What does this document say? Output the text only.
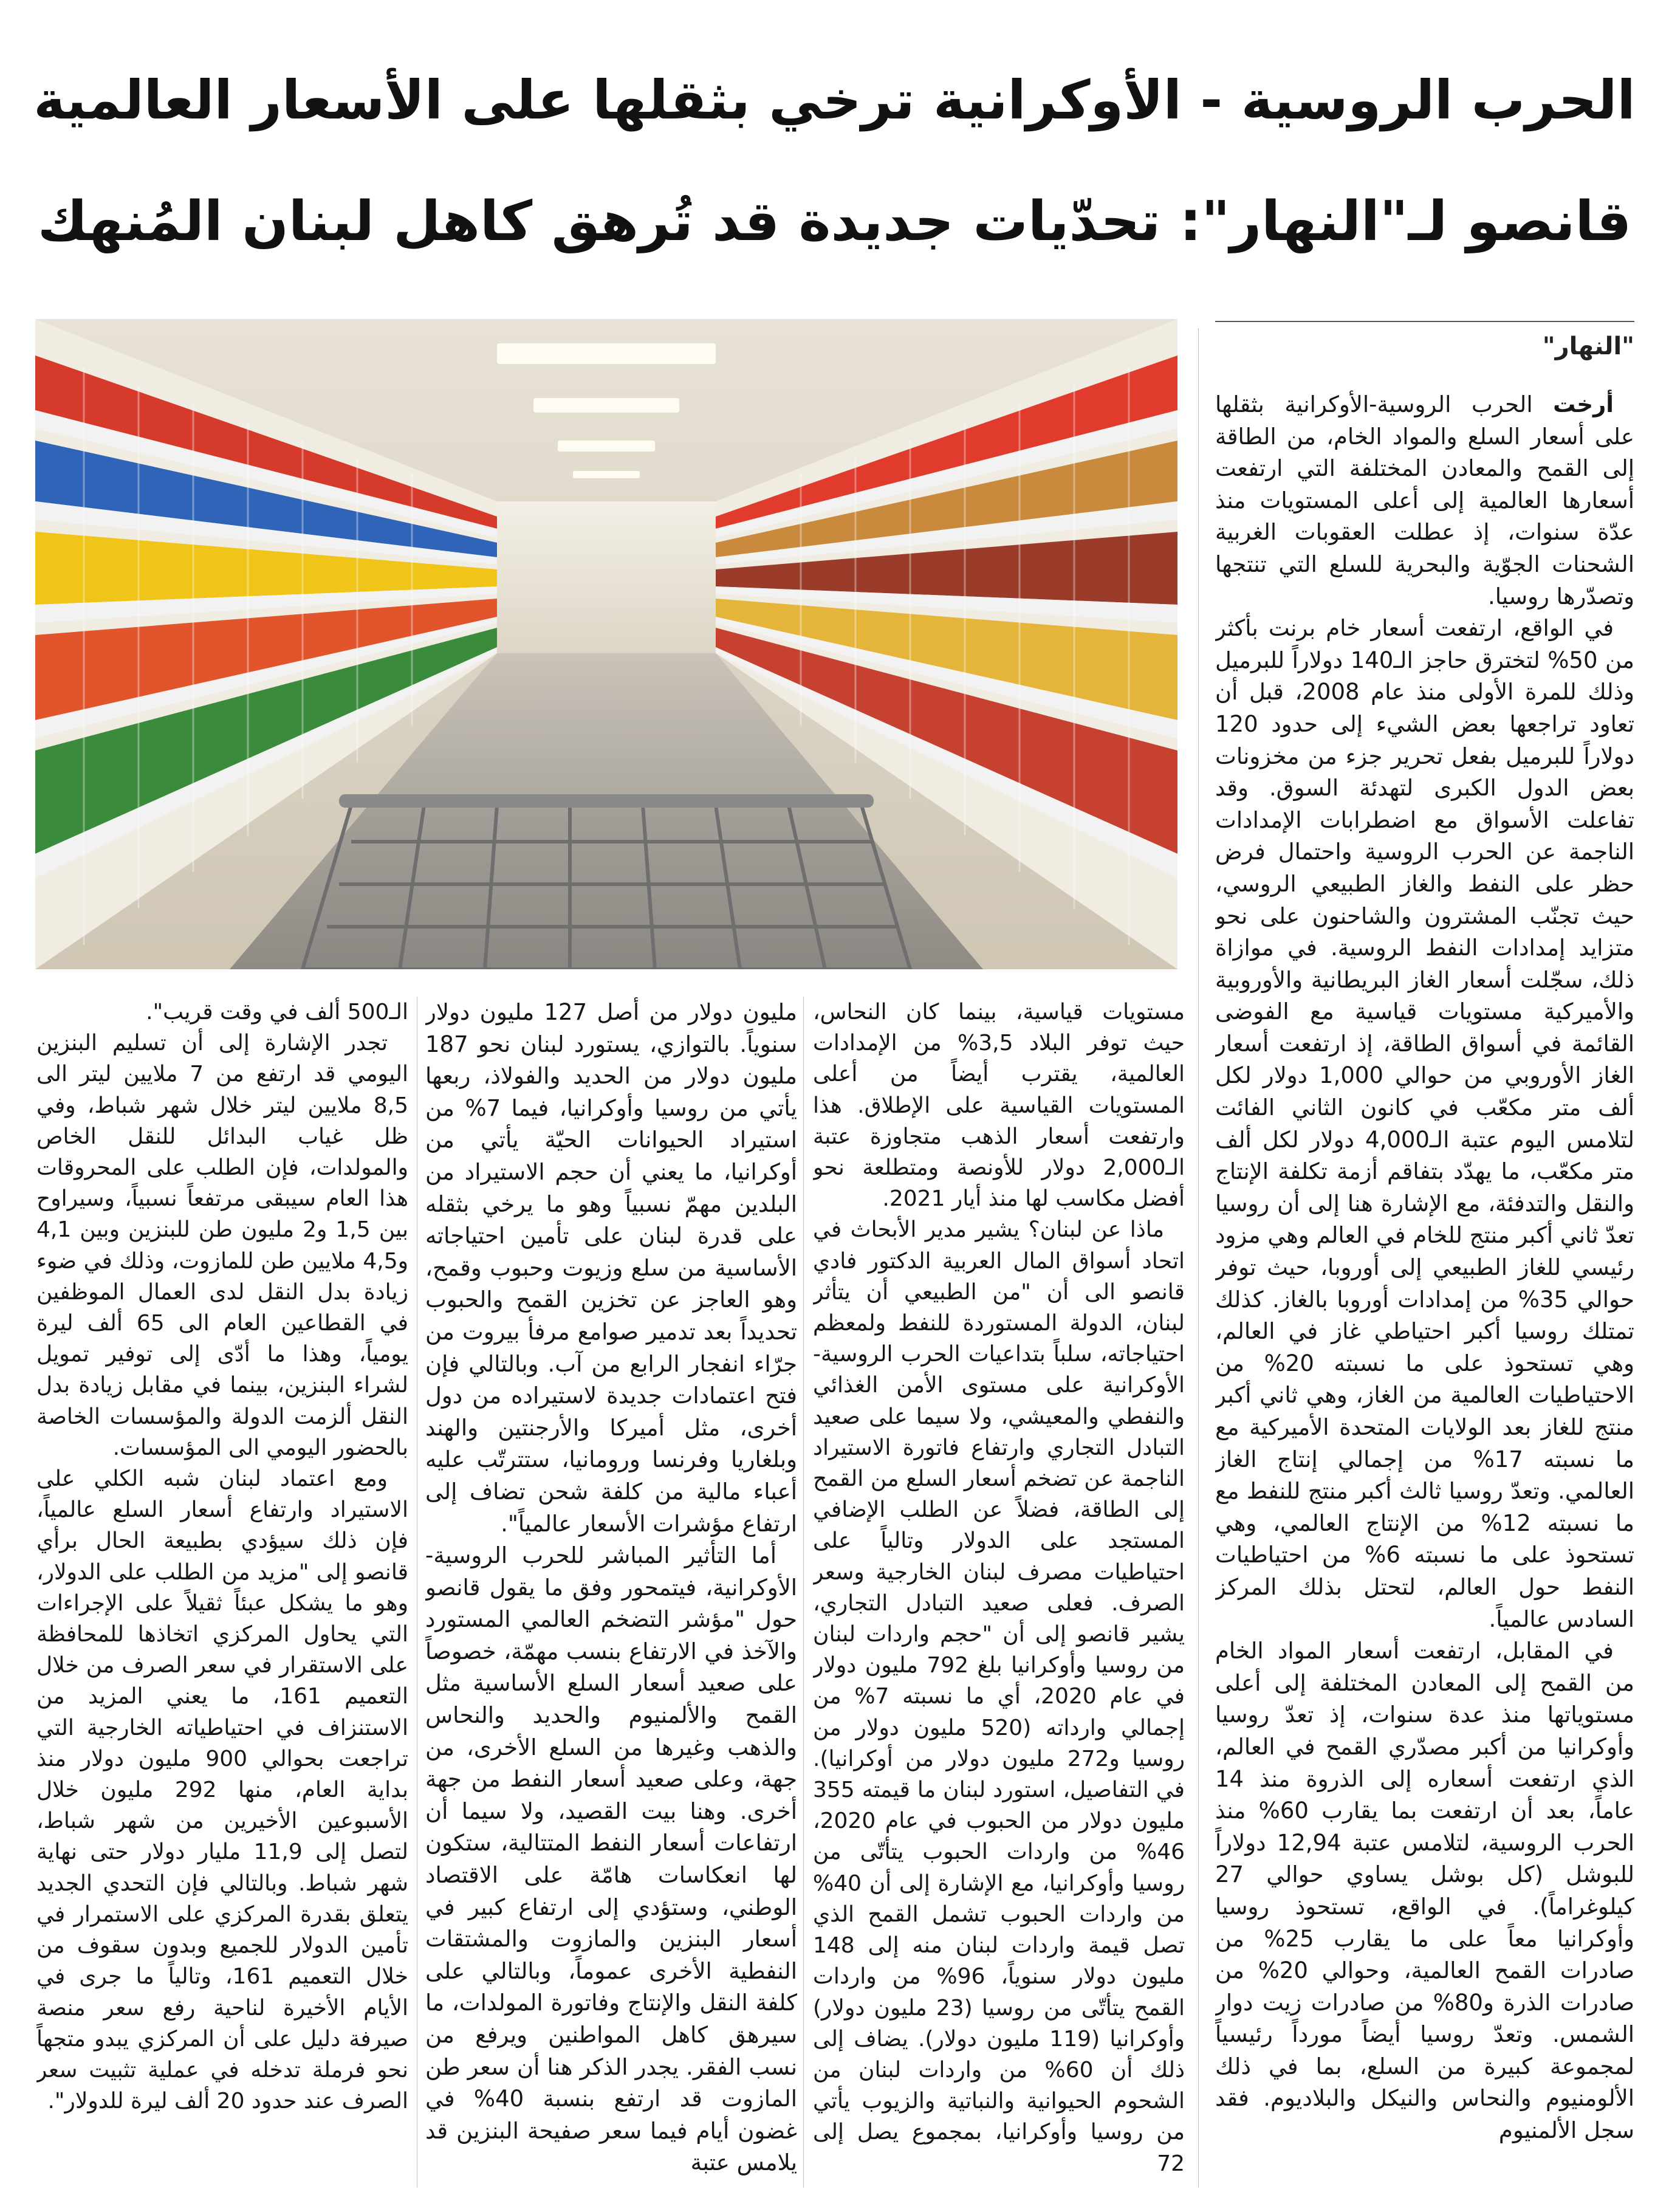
الحرب الروسية - الأوكرانية ترخي بثقلها على الأسعار العالمية
قانصو لـ"النهار": تحدّيات جديدة قد تُرهق كاهل لبنان المُنهك
"النهار"

أرخت الحرب الروسية-الأوكرانية بثقلها على أسعار السلع والمواد الخام، من الطاقة إلى القمح والمعادن المختلفة التي ارتفعت أسعارها العالمية إلى أعلى المستويات منذ عدّة سنوات، إذ عطلت العقوبات الغربية الشحنات الجوّية والبحرية للسلع التي تنتجها وتصدّرها روسيا.

في الواقع، ارتفعت أسعار خام برنت بأكثر من 50% لتخترق حاجز الـ140 دولاراً للبرميل وذلك للمرة الأولى منذ عام 2008، قبل أن تعاود تراجعها بعض الشيء إلى حدود 120 دولاراً للبرميل بفعل تحرير جزء من مخزونات بعض الدول الكبرى لتهدئة السوق. وقد تفاعلت الأسواق مع اضطرابات الإمدادات الناجمة عن الحرب الروسية واحتمال فرض حظر على النفط والغاز الطبيعي الروسي، حيث تجنّب المشترون والشاحنون على نحو متزايد إمدادات النفط الروسية. في موازاة ذلك، سجّلت أسعار الغاز البريطانية والأوروبية والأميركية مستويات قياسية مع الفوضى القائمة في أسواق الطاقة، إذ ارتفعت أسعار الغاز الأوروبي من حوالي 1,000 دولار لكل ألف متر مكعّب في كانون الثاني الفائت لتلامس اليوم عتبة الـ4,000 دولار لكل ألف متر مكعّب، ما يهدّد بتفاقم أزمة تكلفة الإنتاج والنقل والتدفئة، مع الإشارة هنا إلى أن روسيا تعدّ ثاني أكبر منتج للخام في العالم وهي مزود رئيسي للغاز الطبيعي إلى أوروبا، حيث توفر حوالي 35% من إمدادات أوروبا بالغاز. كذلك تمتلك روسيا أكبر احتياطي غاز في العالم، وهي تستحوذ على ما نسبته 20% من الاحتياطيات العالمية من الغاز، وهي ثاني أكبر منتج للغاز بعد الولايات المتحدة الأميركية مع ما نسبته 17% من إجمالي إنتاج الغاز العالمي. وتعدّ روسيا ثالث أكبر منتج للنفط مع ما نسبته 12% من الإنتاج العالمي، وهي تستحوذ على ما نسبته 6% من احتياطيات النفط حول العالم، لتحتل بذلك المركز السادس عالمياً.

في المقابل، ارتفعت أسعار المواد الخام من القمح إلى المعادن المختلفة إلى أعلى مستوياتها منذ عدة سنوات، إذ تعدّ روسيا وأوكرانيا من أكبر مصدّري القمح في العالم، الذي ارتفعت أسعاره إلى الذروة منذ 14 عاماً، بعد أن ارتفعت بما يقارب 60% منذ الحرب الروسية، لتلامس عتبة 12,94 دولاراً للبوشل (كل بوشل يساوي حوالي 27 كيلوغراماً). في الواقع، تستحوذ روسيا وأوكرانيا معاً على ما يقارب 25% من صادرات القمح العالمية، وحوالي 20% من صادرات الذرة و80% من صادرات زيت دوار الشمس. وتعدّ روسيا أيضاً مورداً رئيسياً لمجموعة كبيرة من السلع، بما في ذلك الألومنيوم والنحاس والنيكل والبلاديوم. فقد سجل الألمنيوم

مستويات قياسية، بينما كان النحاس، حيث توفر البلاد 3,5% من الإمدادات العالمية، يقترب أيضاً من أعلى المستويات القياسية على الإطلاق. هذا وارتفعت أسعار الذهب متجاوزة عتبة الـ2,000 دولار للأونصة ومتطلعة نحو أفضل مكاسب لها منذ أيار 2021.

ماذا عن لبنان؟ يشير مدير الأبحاث في اتحاد أسواق المال العربية الدكتور فادي قانصو الى أن "من الطبيعي أن يتأثر لبنان، الدولة المستوردة للنفط ولمعظم احتياجاته، سلباً بتداعيات الحرب الروسية-الأوكرانية على مستوى الأمن الغذائي والنفطي والمعيشي، ولا سيما على صعيد التبادل التجاري وارتفاع فاتورة الاستيراد الناجمة عن تضخم أسعار السلع من القمح إلى الطاقة، فضلاً عن الطلب الإضافي المستجد على الدولار وتالياً على احتياطيات مصرف لبنان الخارجية وسعر الصرف. فعلى صعيد التبادل التجاري، يشير قانصو إلى أن "حجم واردات لبنان من روسيا وأوكرانيا بلغ 792 مليون دولار في عام 2020، أي ما نسبته 7% من إجمالي وارداته (520 مليون دولار من روسيا و272 مليون دولار من أوكرانيا). في التفاصيل، استورد لبنان ما قيمته 355 مليون دولار من الحبوب في عام 2020، 46% من واردات الحبوب يتأتّى من روسيا وأوكرانيا، مع الإشارة إلى أن 40% من واردات الحبوب تشمل القمح الذي تصل قيمة واردات لبنان منه إلى 148 مليون دولار سنوياً، 96% من واردات القمح يتأتّى من روسيا (23 مليون دولار) وأوكرانيا (119 مليون دولار). يضاف إلى ذلك أن 60% من واردات لبنان من الشحوم الحيوانية والنباتية والزيوب يأتي من روسيا وأوكرانيا، بمجموع يصل إلى 72

مليون دولار من أصل 127 مليون دولار سنوياً. بالتوازي، يستورد لبنان نحو 187 مليون دولار من الحديد والفولاذ، ربعها يأتي من روسيا وأوكرانيا، فيما 7% من استيراد الحيوانات الحيّة يأتي من أوكرانيا، ما يعني أن حجم الاستيراد من البلدين مهمّ نسبياً وهو ما يرخي بثقله على قدرة لبنان على تأمين احتياجاته الأساسية من سلع وزيوت وحبوب وقمح، وهو العاجز عن تخزين القمح والحبوب تحديداً بعد تدمير صوامع مرفأ بيروت من جرّاء انفجار الرابع من آب. وبالتالي فإن فتح اعتمادات جديدة لاستيراده من دول أخرى، مثل أميركا والأرجنتين والهند وبلغاريا وفرنسا ورومانيا، ستترتّب عليه أعباء مالية من كلفة شحن تضاف إلى ارتفاع مؤشرات الأسعار عالمياً".

أما التأثير المباشر للحرب الروسية-الأوكرانية، فيتمحور وفق ما يقول قانصو حول "مؤشر التضخم العالمي المستورد والآخذ في الارتفاع بنسب مهمّة، خصوصاً على صعيد أسعار السلع الأساسية مثل القمح والألمنيوم والحديد والنحاس والذهب وغيرها من السلع الأخرى، من جهة، وعلى صعيد أسعار النفط من جهة أخرى. وهنا بيت القصيد، ولا سيما أن ارتفاعات أسعار النفط المتتالية، ستكون لها انعكاسات هامّة على الاقتصاد الوطني، وستؤدي إلى ارتفاع كبير في أسعار البنزين والمازوت والمشتقات النفطية الأخرى عموماً، وبالتالي على كلفة النقل والإنتاج وفاتورة المولدات، ما سيرهق كاهل المواطنين ويرفع من نسب الفقر. يجدر الذكر هنا أن سعر طن المازوت قد ارتفع بنسبة 40% في غضون أيام فيما سعر صفيحة البنزين قد يلامس عتبة

الـ500 ألف في وقت قريب".

تجدر الإشارة إلى أن تسليم البنزين اليومي قد ارتفع من 7 ملايين ليتر الى 8,5 ملايين ليتر خلال شهر شباط، وفي ظل غياب البدائل للنقل الخاص والمولدات، فإن الطلب على المحروقات هذا العام سيبقى مرتفعاً نسبياً، وسيراوح بين 1,5 و2 مليون طن للبنزين وبين 4,1 و4,5 ملايين طن للمازوت، وذلك في ضوء زيادة بدل النقل لدى العمال الموظفين في القطاعين العام الى 65 ألف ليرة يومياً، وهذا ما أدّى إلى توفير تمويل لشراء البنزين، بينما في مقابل زيادة بدل النقل ألزمت الدولة والمؤسسات الخاصة بالحضور اليومي الى المؤسسات.

ومع اعتماد لبنان شبه الكلي على الاستيراد وارتفاع أسعار السلع عالمياً، فإن ذلك سيؤدي بطبيعة الحال برأي قانصو إلى "مزيد من الطلب على الدولار، وهو ما يشكل عبئاً ثقيلاً على الإجراءات التي يحاول المركزي اتخاذها للمحافظة على الاستقرار في سعر الصرف من خلال التعميم 161، ما يعني المزيد من الاستنزاف في احتياطياته الخارجية التي تراجعت بحوالي 900 مليون دولار منذ بداية العام، منها 292 مليون خلال الأسبوعين الأخيرين من شهر شباط، لتصل إلى 11,9 مليار دولار حتى نهاية شهر شباط. وبالتالي فإن التحدي الجديد يتعلق بقدرة المركزي على الاستمرار في تأمين الدولار للجميع وبدون سقوف من خلال التعميم 161، وتالياً ما جرى في الأيام الأخيرة لناحية رفع سعر منصة صيرفة دليل على أن المركزي يبدو متجهاً نحو فرملة تدخله في عملية تثبيت سعر الصرف عند حدود 20 ألف ليرة للدولار".
